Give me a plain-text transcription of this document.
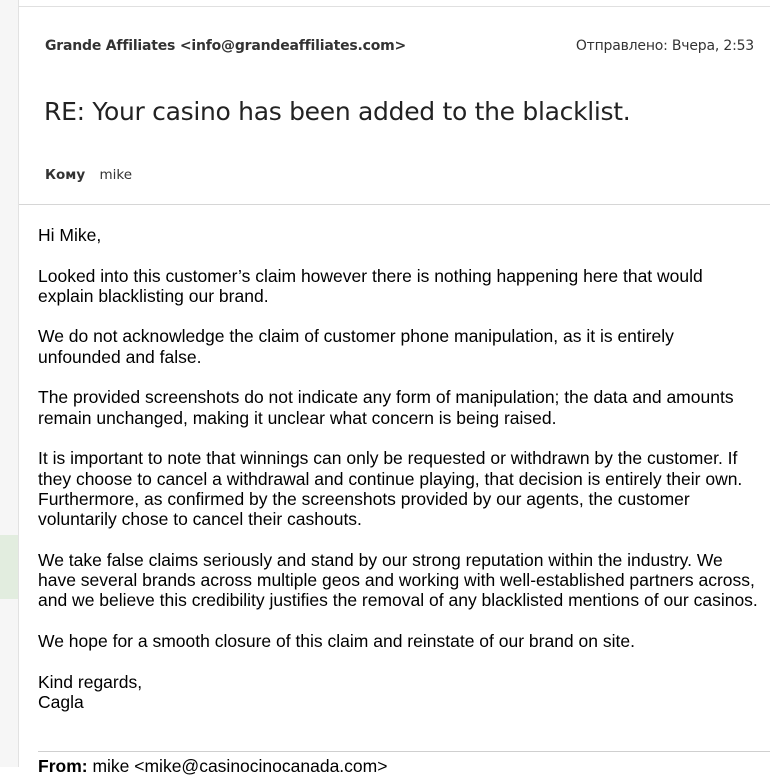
Grande Affiliates <info@grandeaffiliates.com>	Отправлено: Вчера, 2:53
RE: Your casino has been added to the blacklist.
Кому mike

Hi Mike,

Looked into this customer’s claim however there is nothing happening here that would explain blacklisting our brand.

We do not acknowledge the claim of customer phone manipulation, as it is entirely unfounded and false.

The provided screenshots do not indicate any form of manipulation; the data and amounts remain unchanged, making it unclear what concern is being raised.

It is important to note that winnings can only be requested or withdrawn by the customer. If they choose to cancel a withdrawal and continue playing, that decision is entirely their own. Furthermore, as confirmed by the screenshots provided by our agents, the customer voluntarily chose to cancel their cashouts.

We take false claims seriously and stand by our strong reputation within the industry. We have several brands across multiple geos and working with well-established partners across, and we believe this credibility justifies the removal of any blacklisted mentions of our casinos.

We hope for a smooth closure of this claim and reinstate of our brand on site.

Kind regards,
Cagla
From: mike <mike@casinocinocanada.com>
